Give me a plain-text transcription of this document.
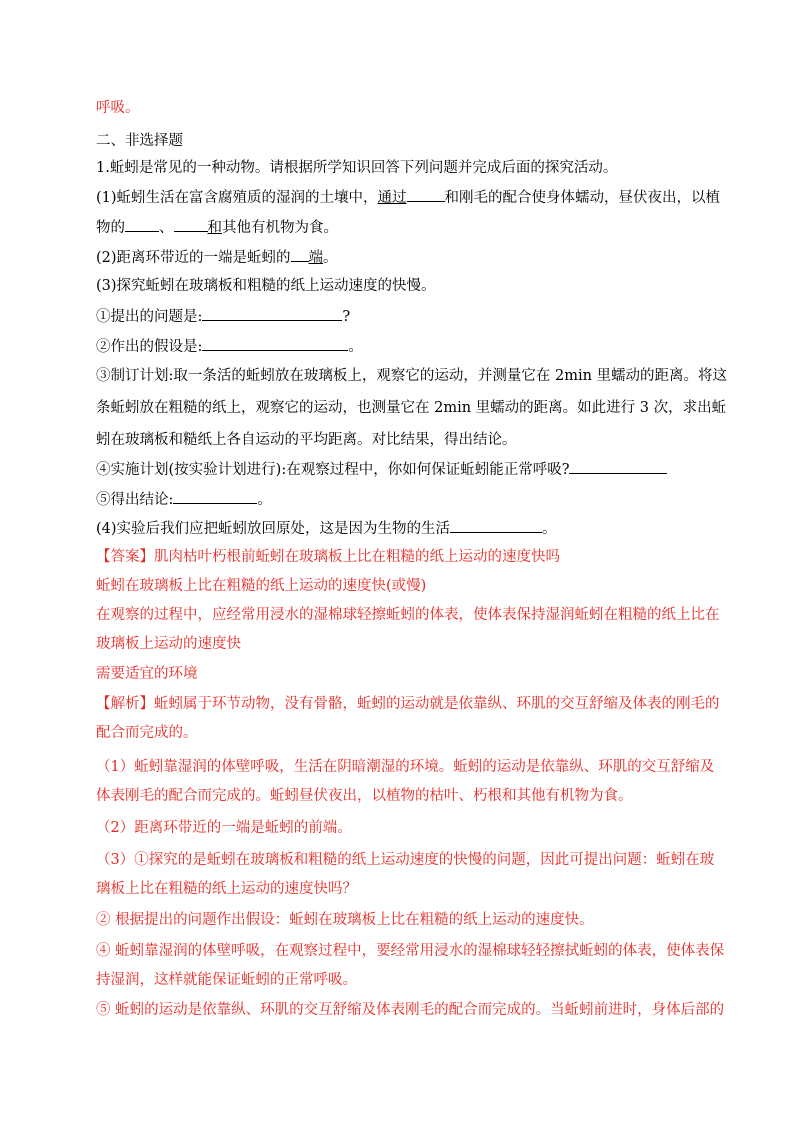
呼吸。
二、非选择题
1.蚯蚓是常见的一种动物。请根据所学知识回答下列问题并完成后面的探究活动。
(1)蚯蚓生活在富含腐殖质的湿润的土壤中，通过	和刚毛的配合使身体蠕动，昼伏夜出，以植
物的 、 和其他有机物为食。
(2)距离环带近的一端是蚯蚓的 端。
(3)探究蚯蚓在玻璃板和粗糙的纸上运动速度的快慢。
①提出的问题是:	?
②作出的假设是:	。
③制订计划:取一条活的蚯蚓放在玻璃板上，观察它的运动，并测量它在 2min 里蠕动的距离。将这
条蚯蚓放在粗糙的纸上，观察它的运动，也测量它在 2min 里蠕动的距离。如此进行 3 次，求出蚯
蚓在玻璃板和糙纸上各自运动的平均距离。对比结果，得出结论。
④实施计划(按实验计划进行):在观察过程中，你如何保证蚯蚓能正常呼吸?
⑤得出结论:	。
(4)实验后我们应把蚯蚓放回原处，这是因为生物的生活	。
【答案】肌肉枯叶朽根前蚯蚓在玻璃板上比在粗糙的纸上运动的速度快吗
蚯蚓在玻璃板上比在粗糙的纸上运动的速度快(或慢)
在观察的过程中，应经常用浸水的湿棉球轻擦蚯蚓的体表，使体表保持湿润蚯蚓在粗糙的纸上比在
玻璃板上运动的速度快
需要适宜的环境
【解析】蚯蚓属于环节动物，没有骨骼，蚯蚓的运动就是依靠纵、环肌的交互舒缩及体表的刚毛的
配合而完成的。
（1）蚯蚓靠湿润的体壁呼吸，生活在阴暗潮湿的环境。蚯蚓的运动是依靠纵、环肌的交互舒缩及
体表刚毛的配合而完成的。蚯蚓昼伏夜出，以植物的枯叶、朽根和其他有机物为食。
（2）距离环带近的一端是蚯蚓的前端。
（3）①探究的是蚯蚓在玻璃板和粗糙的纸上运动速度的快慢的问题，因此可提出问题：蚯蚓在玻
璃板上比在粗糙的纸上运动的速度快吗？
② 根据提出的问题作出假设：蚯蚓在玻璃板上比在粗糙的纸上运动的速度快。
④ 蚯蚓靠湿润的体壁呼吸，在观察过程中，要经常用浸水的湿棉球轻轻擦拭蚯蚓的体表，使体表保
持湿润，这样就能保证蚯蚓的正常呼吸。
⑤ 蚯蚓的运动是依靠纵、环肌的交互舒缩及体表刚毛的配合而完成的。当蚯蚓前进时，身体后部的
